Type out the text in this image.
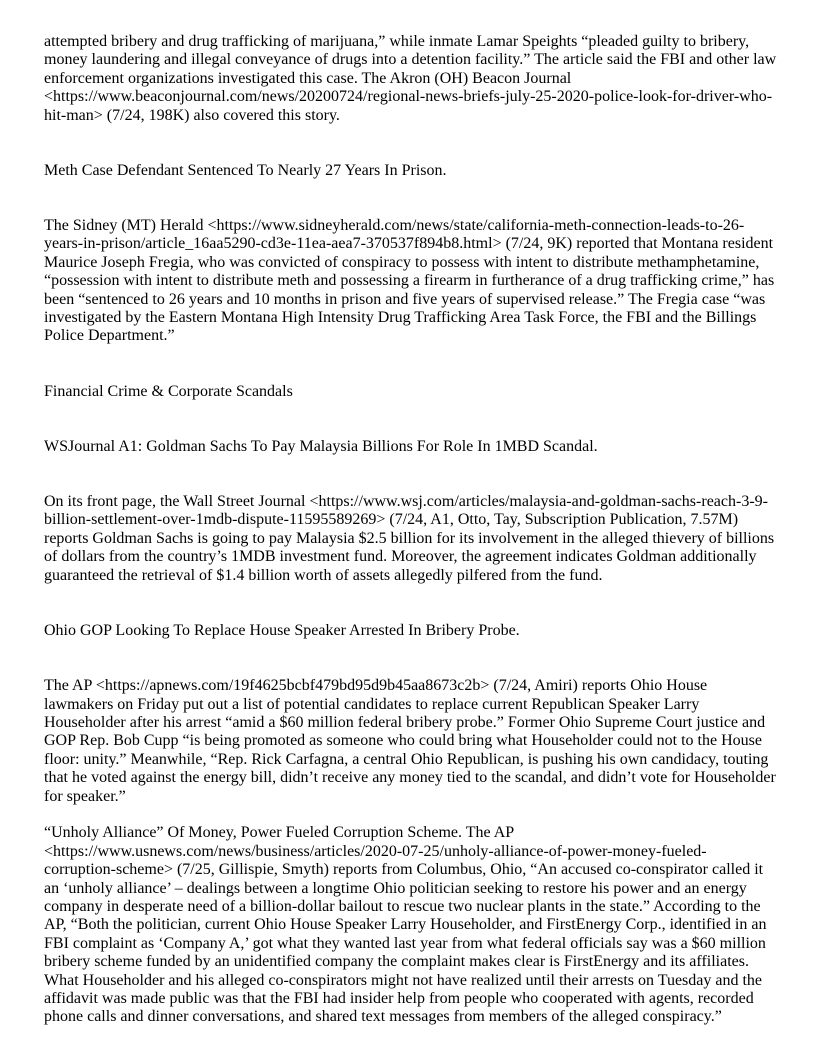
attempted bribery and drug trafficking of marijuana,” while inmate Lamar Speights “pleaded guilty to bribery, money laundering and illegal conveyance of drugs into a detention facility.” The article said the FBI and other law enforcement organizations investigated this case. The Akron (OH) Beacon Journal <https://www.beaconjournal.com/news/20200724/regional-news-briefs-july-25-2020-police-look-for-driver-who-hit-man> (7/24, 198K) also covered this story.
Meth Case Defendant Sentenced To Nearly 27 Years In Prison.
The Sidney (MT) Herald <https://www.sidneyherald.com/news/state/california-meth-connection-leads-to-26-years-in-prison/article_16aa5290-cd3e-11ea-aea7-370537f894b8.html> (7/24, 9K) reported that Montana resident Maurice Joseph Fregia, who was convicted of conspiracy to possess with intent to distribute methamphetamine, “possession with intent to distribute meth and possessing a firearm in furtherance of a drug trafficking crime,” has been “sentenced to 26 years and 10 months in prison and five years of supervised release.” The Fregia case “was investigated by the Eastern Montana High Intensity Drug Trafficking Area Task Force, the FBI and the Billings Police Department.”
Financial Crime & Corporate Scandals
WSJournal A1: Goldman Sachs To Pay Malaysia Billions For Role In 1MBD Scandal.
On its front page, the Wall Street Journal <https://www.wsj.com/articles/malaysia-and-goldman-sachs-reach-3-9-billion-settlement-over-1mdb-dispute-11595589269> (7/24, A1, Otto, Tay, Subscription Publication, 7.57M) reports Goldman Sachs is going to pay Malaysia $2.5 billion for its involvement in the alleged thievery of billions of dollars from the country’s 1MDB investment fund. Moreover, the agreement indicates Goldman additionally guaranteed the retrieval of $1.4 billion worth of assets allegedly pilfered from the fund.
Ohio GOP Looking To Replace House Speaker Arrested In Bribery Probe.
The AP <https://apnews.com/19f4625bcbf479bd95d9b45aa8673c2b> (7/24, Amiri) reports Ohio House lawmakers on Friday put out a list of potential candidates to replace current Republican Speaker Larry Householder after his arrest “amid a $60 million federal bribery probe.” Former Ohio Supreme Court justice and GOP Rep. Bob Cupp “is being promoted as someone who could bring what Householder could not to the House floor: unity.” Meanwhile, “Rep. Rick Carfagna, a central Ohio Republican, is pushing his own candidacy, touting that he voted against the energy bill, didn’t receive any money tied to the scandal, and didn’t vote for Householder for speaker.”
“Unholy Alliance” Of Money, Power Fueled Corruption Scheme. The AP <https://www.usnews.com/news/business/articles/2020-07-25/unholy-alliance-of-power-money-fueled-corruption-scheme> (7/25, Gillispie, Smyth) reports from Columbus, Ohio, “An accused co-conspirator called it an ‘unholy alliance’ – dealings between a longtime Ohio politician seeking to restore his power and an energy company in desperate need of a billion-dollar bailout to rescue two nuclear plants in the state.” According to the AP, “Both the politician, current Ohio House Speaker Larry Householder, and FirstEnergy Corp., identified in an FBI complaint as ‘Company A,’ got what they wanted last year from what federal officials say was a $60 million bribery scheme funded by an unidentified company the complaint makes clear is FirstEnergy and its affiliates. What Householder and his alleged co-conspirators might not have realized until their arrests on Tuesday and the affidavit was made public was that the FBI had insider help from people who cooperated with agents, recorded phone calls and dinner conversations, and shared text messages from members of the alleged conspiracy.”
